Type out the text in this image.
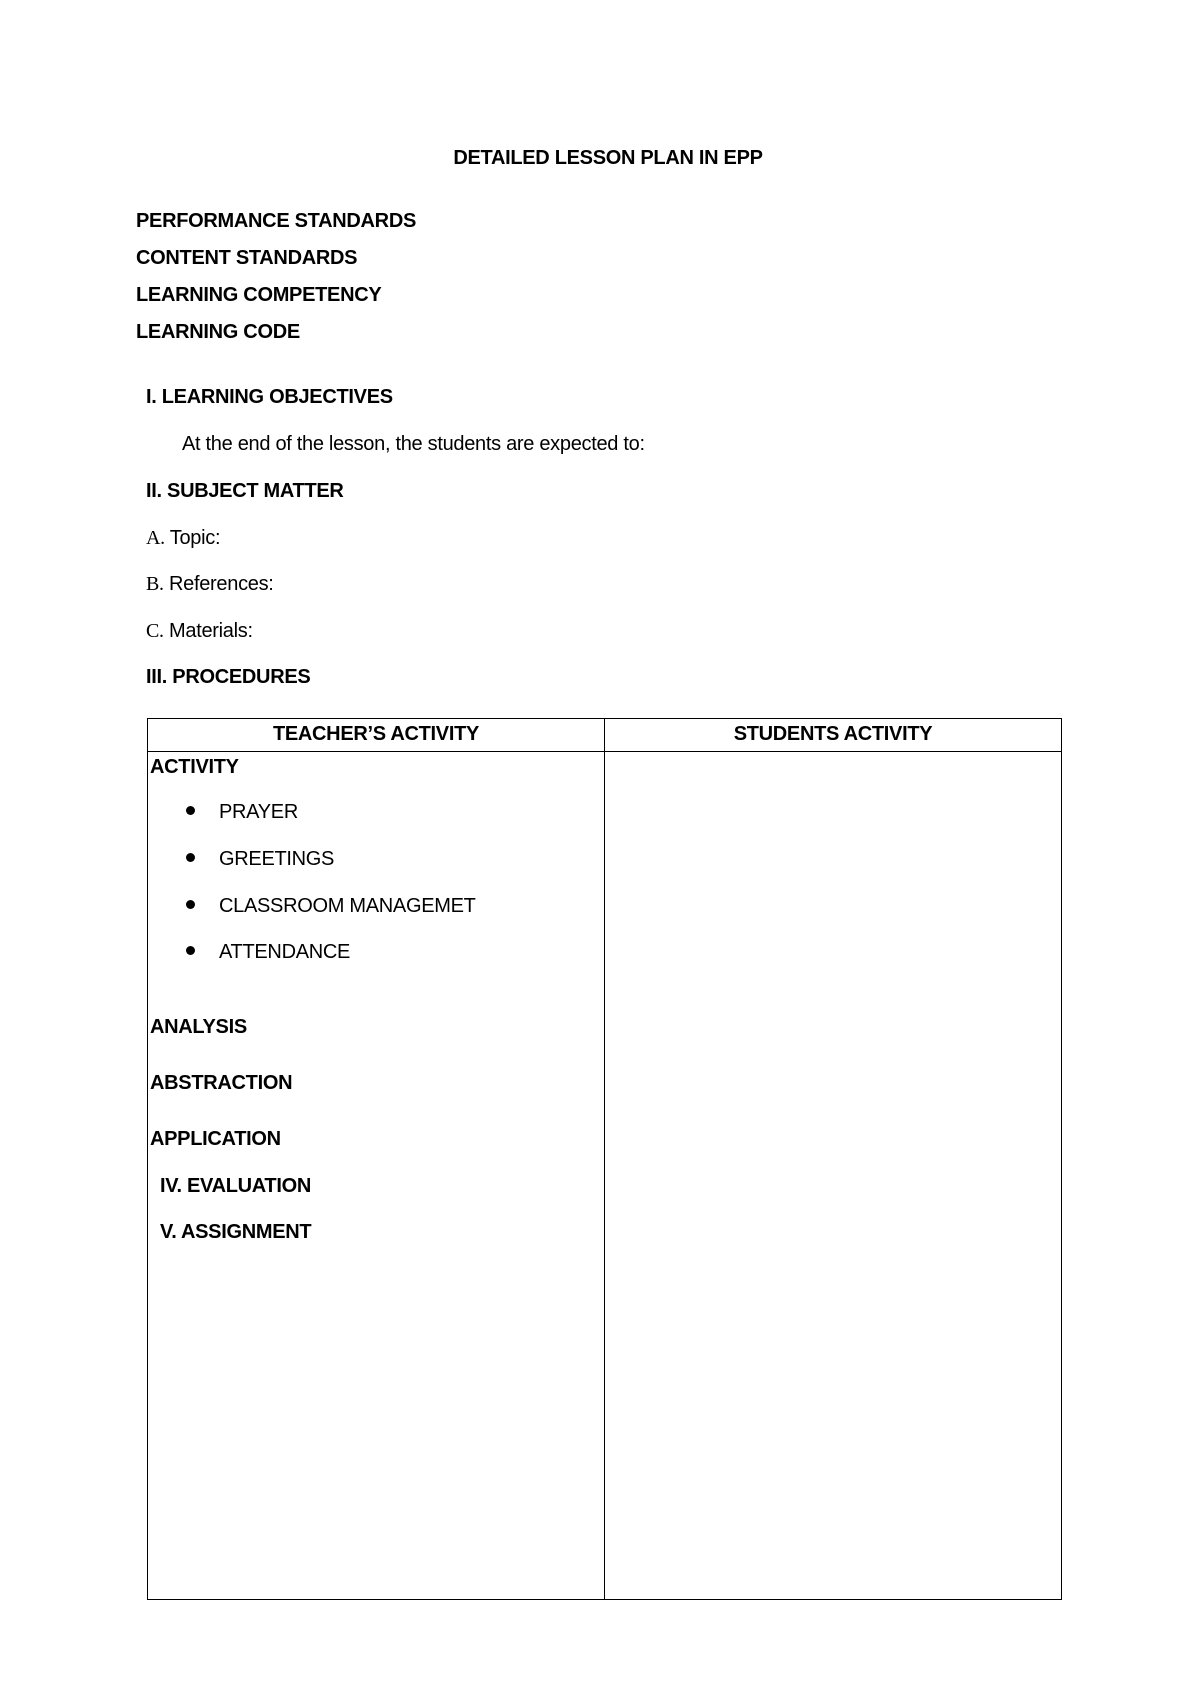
DETAILED LESSON PLAN IN EPP
PERFORMANCE STANDARDS
CONTENT STANDARDS
LEARNING COMPETENCY
LEARNING CODE
I. LEARNING OBJECTIVES
At the end of the lesson, the students are expected to:
II. SUBJECT MATTER
A. Topic:
B. References:
C. Materials:
III. PROCEDURES
TEACHER’S ACTIVITY	STUDENTS ACTIVITY
ACTIVITY
PRAYER
GREETINGS
CLASSROOM MANAGEMET
ATTENDANCE
ANALYSIS
ABSTRACTION
APPLICATION
IV. EVALUATION
V. ASSIGNMENT
